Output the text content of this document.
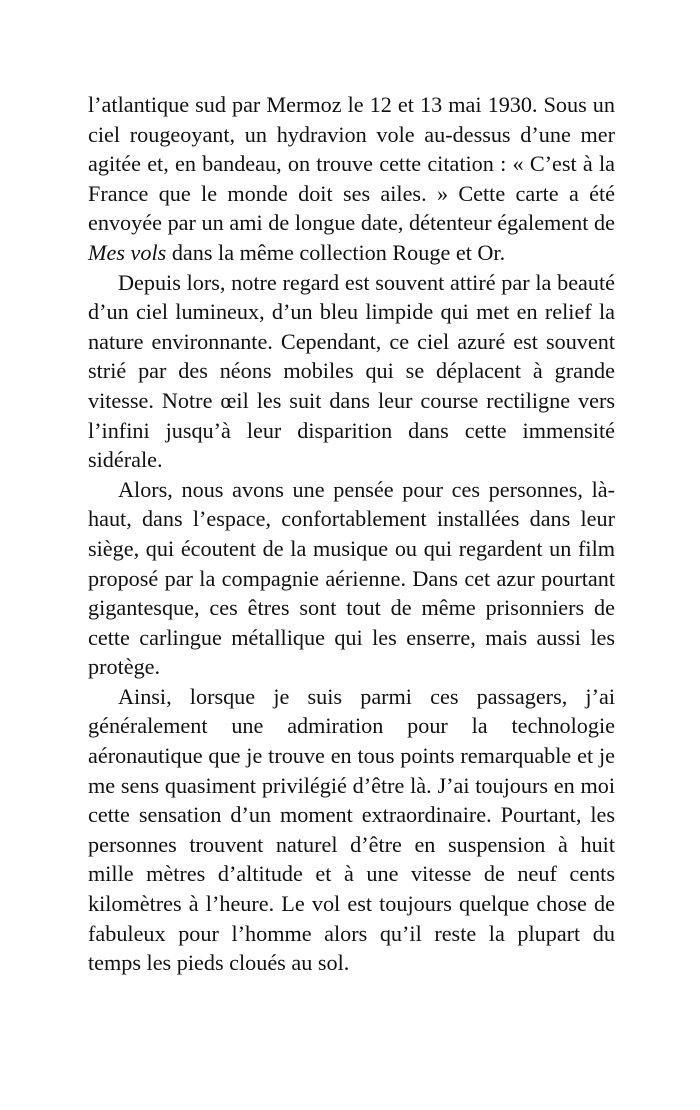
l’atlantique sud par Mermoz le 12 et 13 mai 1930. Sous un ciel rougeoyant, un hydravion vole au-dessus d’une mer agitée et, en bandeau, on trouve cette citation : « C’est à la France que le monde doit ses ailes. » Cette carte a été envoyée par un ami de longue date, détenteur également de Mes vols dans la même collection Rouge et Or.

Depuis lors, notre regard est souvent attiré par la beauté d’un ciel lumineux, d’un bleu limpide qui met en relief la nature environnante. Cependant, ce ciel azuré est souvent strié par des néons mobiles qui se déplacent à grande vitesse. Notre œil les suit dans leur course rectiligne vers l’infini jusqu’à leur disparition dans cette immensité sidérale.

Alors, nous avons une pensée pour ces personnes, là-haut, dans l’espace, confortablement installées dans leur siège, qui écoutent de la musique ou qui regardent un film proposé par la compagnie aérienne. Dans cet azur pourtant gigantesque, ces êtres sont tout de même prisonniers de cette carlingue métallique qui les enserre, mais aussi les protège.

Ainsi, lorsque je suis parmi ces passagers, j’ai généralement une admiration pour la technologie aéronautique que je trouve en tous points remarquable et je me sens quasiment privilégié d’être là. J’ai toujours en moi cette sensation d’un moment extraordinaire. Pourtant, les personnes trouvent naturel d’être en suspension à huit mille mètres d’altitude et à une vitesse de neuf cents kilomètres à l’heure. Le vol est toujours quelque chose de fabuleux pour l’homme alors qu’il reste la plupart du temps les pieds cloués au sol.
